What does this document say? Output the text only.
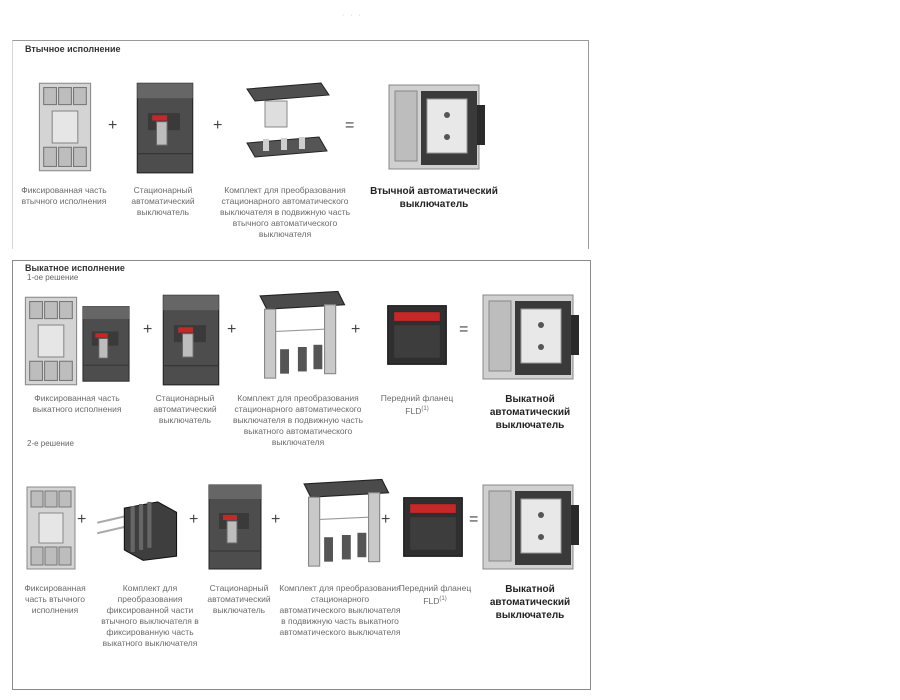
· · ·
Втычное исполнение
+	+	=
Фиксированная часть втычного исполнения
Стационарный автоматический выключатель
Комплект для преобразования стационарного автоматического выключателя в подвижную часть втычного автоматического выключателя
Втычной автоматический выключатель
Выкатное исполнение
1-ое решение
+	+	+	=
Фиксированная часть выкатного исполнения
Стационарный автоматический выключатель
Комплект для преобразования стационарного автоматического выключателя в подвижную часть выкатного автоматического выключателя
Передний фланец FLD$^{(1)}$
Выкатной автоматический выключатель
2-е решение
+	+	+	+	=
Фиксированная часть втычного исполнения
Комплект для преобразования фиксированной части втычного выключателя в фиксированную часть выкатного выключателя
Стационарный автоматический выключатель
Комплект для преобразования стационарного автоматического выключателя в подвижную часть выкатного автоматического выключателя
Передний фланец FLD$^{(1)}$
Выкатной автоматический выключатель
